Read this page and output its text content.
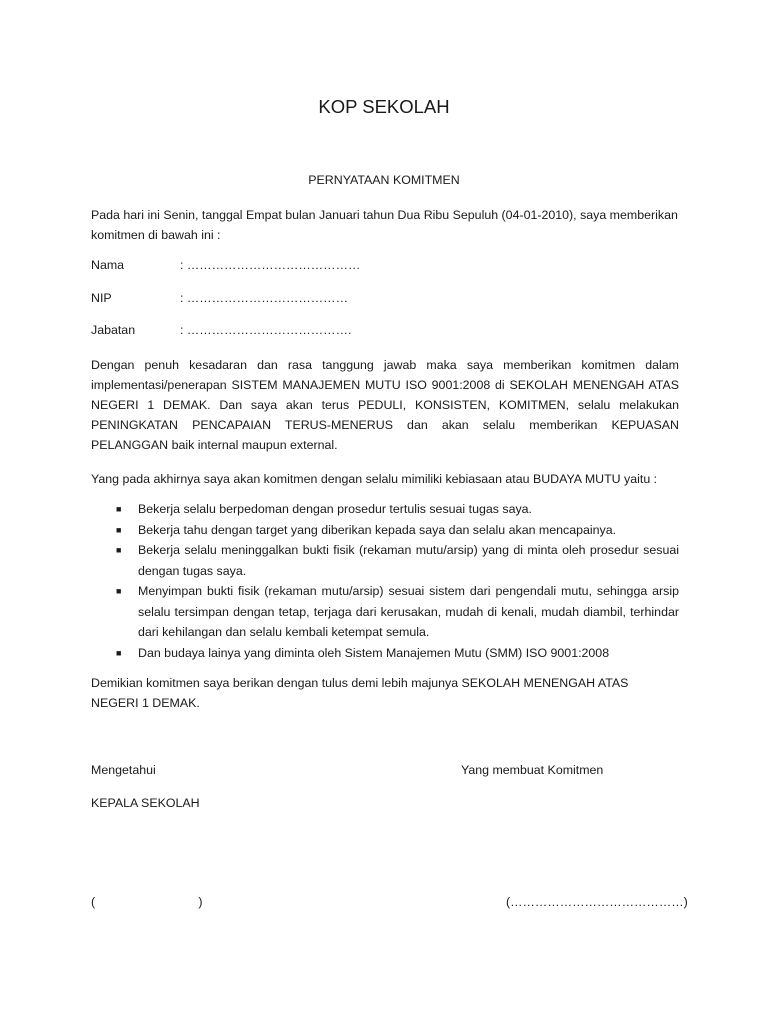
KOP SEKOLAH
PERNYATAAN KOMITMEN
Pada hari ini Senin, tanggal Empat bulan Januari tahun Dua Ribu Sepuluh (04-01-2010), saya memberikan komitmen di bawah ini :
Nama	: ……………………………………
NIP	: …………………………………
Jabatan	: ………………………………….
Dengan penuh kesadaran dan rasa tanggung jawab maka saya memberikan komitmen dalam implementasi/penerapan SISTEM MANAJEMEN MUTU ISO 9001:2008 di SEKOLAH MENENGAH ATAS NEGERI 1 DEMAK. Dan saya akan terus PEDULI, KONSISTEN, KOMITMEN, selalu melakukan PENINGKATAN PENCAPAIAN TERUS-MENERUS dan akan selalu memberikan KEPUASAN PELANGGAN baik internal maupun external.
Yang pada akhirnya saya akan komitmen dengan selalu mimiliki kebiasaan atau BUDAYA MUTU yaitu :
■ Bekerja selalu berpedoman dengan prosedur tertulis sesuai tugas saya.
■ Bekerja tahu dengan target yang diberikan kepada saya dan selalu akan mencapainya.
■ Bekerja selalu meninggalkan bukti fisik (rekaman mutu/arsip) yang di minta oleh prosedur sesuai dengan tugas saya.
■ Menyimpan bukti fisik (rekaman mutu/arsip) sesuai sistem dari pengendali mutu, sehingga arsip selalu tersimpan dengan tetap, terjaga dari kerusakan, mudah di kenali, mudah diambil, terhindar dari kehilangan dan selalu kembali ketempat semula.
■ Dan budaya lainya yang diminta oleh Sistem Manajemen Mutu (SMM) ISO 9001:2008
Demikian komitmen saya berikan dengan tulus demi lebih majunya SEKOLAH MENENGAH ATAS NEGERI 1 DEMAK.
Mengetahui	Yang membuat Komitmen
KEPALA SEKOLAH
(                              )	(……………………………………)
